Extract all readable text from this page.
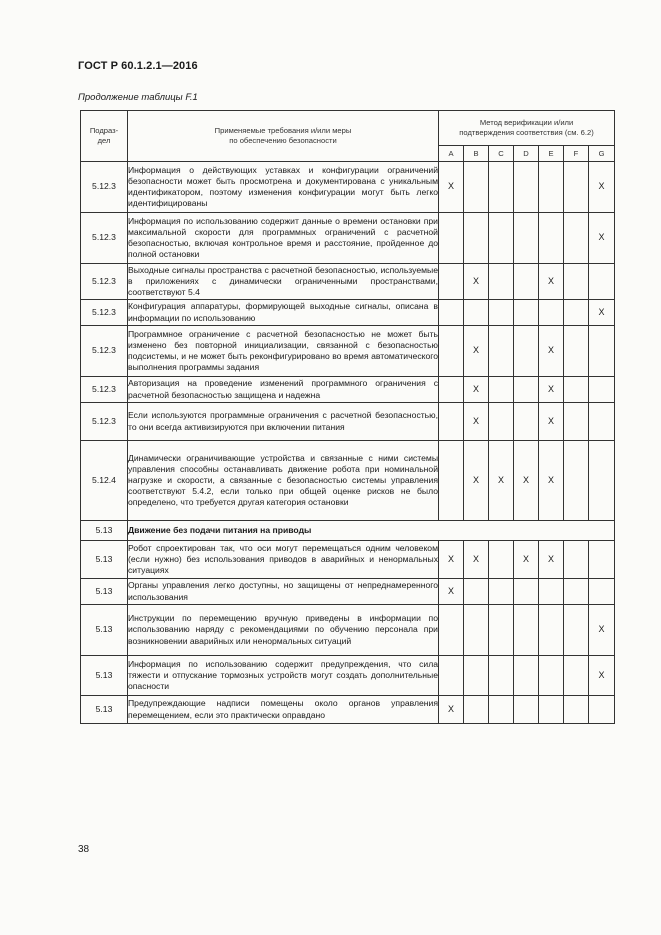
ГОСТ Р 60.1.2.1—2016
Продолжение таблицы F.1
Подраз-
дел	Применяемые требования и/или меры
по обеспечению безопасности	Метод верификации и/или
подтверждения соответствия (см. 6.2)						
		A	B	C	D	E	F	G
5.12.3	Информация о действующих уставках и конфигурации ограничений безопасности может быть просмотрена и документирована с уникальным идентификатором, поэтому изменения конфигурации могут быть легко идентифицированы	X						X
5.12.3	Информация по использованию содержит данные о времени остановки при максимальной скорости для программных ограничений с расчетной безопасностью, включая контрольное время и расстояние, пройденное до полной остановки							X
5.12.3	Выходные сигналы пространства с расчетной безопасностью, используемые в приложениях с динамически ограниченными пространствами, соответствуют 5.4		X			X		
5.12.3	Конфигурация аппаратуры, формирующей выходные сигналы, описана в информации по использованию							X
5.12.3	Программное ограничение с расчетной безопасностью не может быть изменено без повторной инициализации, связанной с безопасностью подсистемы, и не может быть реконфигурировано во время автоматического выполнения программы задания		X			X		
5.12.3	Авторизация на проведение изменений программного ограничения с расчетной безопасностью защищена и надежна		X			X		
5.12.3	Если используются программные ограничения с расчетной безопасностью, то они всегда активизируются при включении питания		X			X		
5.12.4	Динамически ограничивающие устройства и связанные с ними системы управления способны останавливать движение робота при номинальной нагрузке и скорости, а связанные с безопасностью системы управления соответствуют 5.4.2, если только при общей оценке рисков не было определено, что требуется другая категория остановки		X	X	X	X		
5.13	Движение без подачи питания на приводы							
5.13	Робот спроектирован так, что оси могут перемещаться одним человеком (если нужно) без использования приводов в аварийных и ненормальных ситуациях	X	X		X	X		
5.13	Органы управления легко доступны, но защищены от непреднамеренного использования	X						
5.13	Инструкции по перемещению вручную приведены в информации по использованию наряду с рекомендациями по обучению персонала при возникновении аварийных или ненормальных ситуаций							X
5.13	Информация по использованию содержит предупреждения, что сила тяжести и отпускание тормозных устройств могут создать дополнительные опасности							X
5.13	Предупреждающие надписи помещены около органов управления перемещением, если это практически оправдано	X						
38
